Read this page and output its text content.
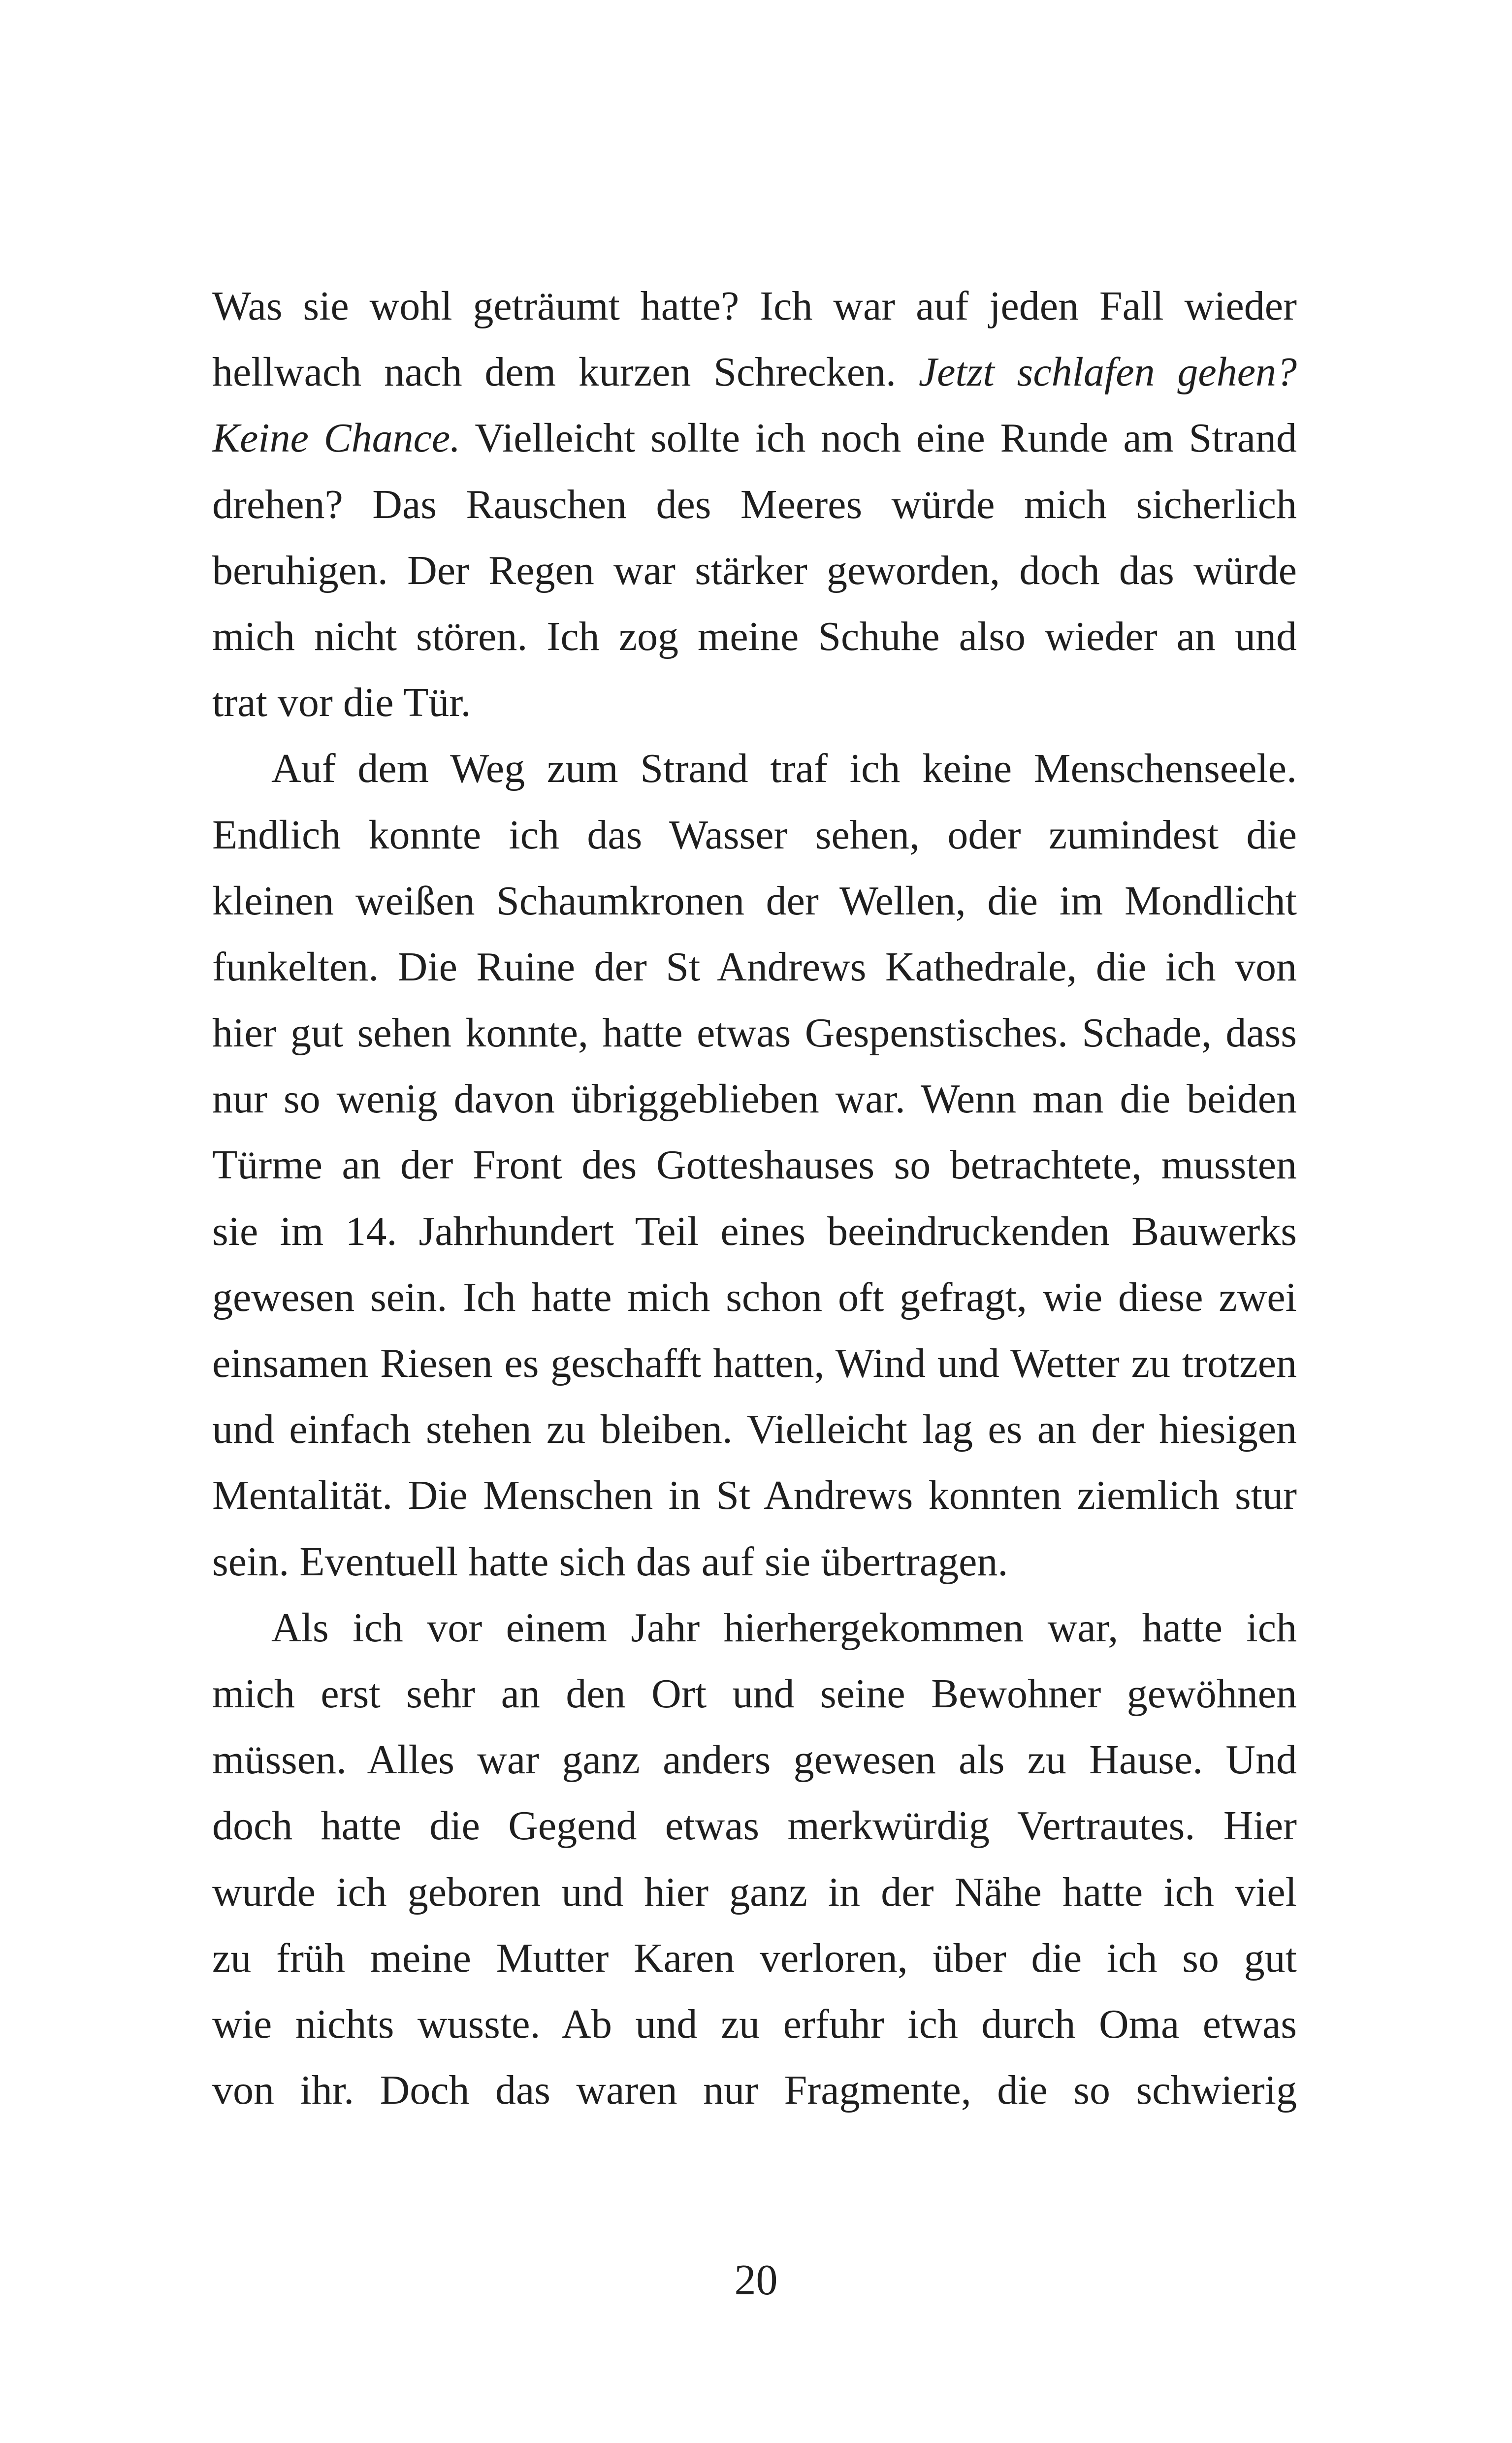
Was sie wohl geträumt hatte? Ich war auf jeden Fall wieder
hellwach nach dem kurzen Schrecken. Jetzt schlafen gehen?
Keine Chance. Vielleicht sollte ich noch eine Runde am Strand
drehen? Das Rauschen des Meeres würde mich sicherlich
beruhigen. Der Regen war stärker geworden, doch das würde
mich nicht stören. Ich zog meine Schuhe also wieder an und
trat vor die Tür.
Auf dem Weg zum Strand traf ich keine Menschenseele.
Endlich konnte ich das Wasser sehen, oder zumindest die
kleinen weißen Schaumkronen der Wellen, die im Mondlicht
funkelten. Die Ruine der St Andrews Kathedrale, die ich von
hier gut sehen konnte, hatte etwas Gespenstisches. Schade, dass
nur so wenig davon übriggeblieben war. Wenn man die beiden
Türme an der Front des Gotteshauses so betrachtete, mussten
sie im 14. Jahrhundert Teil eines beeindruckenden Bauwerks
gewesen sein. Ich hatte mich schon oft gefragt, wie diese zwei
einsamen Riesen es geschafft hatten, Wind und Wetter zu trotzen
und einfach stehen zu bleiben. Vielleicht lag es an der hiesigen
Mentalität. Die Menschen in St Andrews konnten ziemlich stur
sein. Eventuell hatte sich das auf sie übertragen.
Als ich vor einem Jahr hierhergekommen war, hatte ich
mich erst sehr an den Ort und seine Bewohner gewöhnen
müssen. Alles war ganz anders gewesen als zu Hause. Und
doch hatte die Gegend etwas merkwürdig Vertrautes. Hier
wurde ich geboren und hier ganz in der Nähe hatte ich viel
zu früh meine Mutter Karen verloren, über die ich so gut
wie nichts wusste. Ab und zu erfuhr ich durch Oma etwas
von ihr. Doch das waren nur Fragmente, die so schwierig
20
